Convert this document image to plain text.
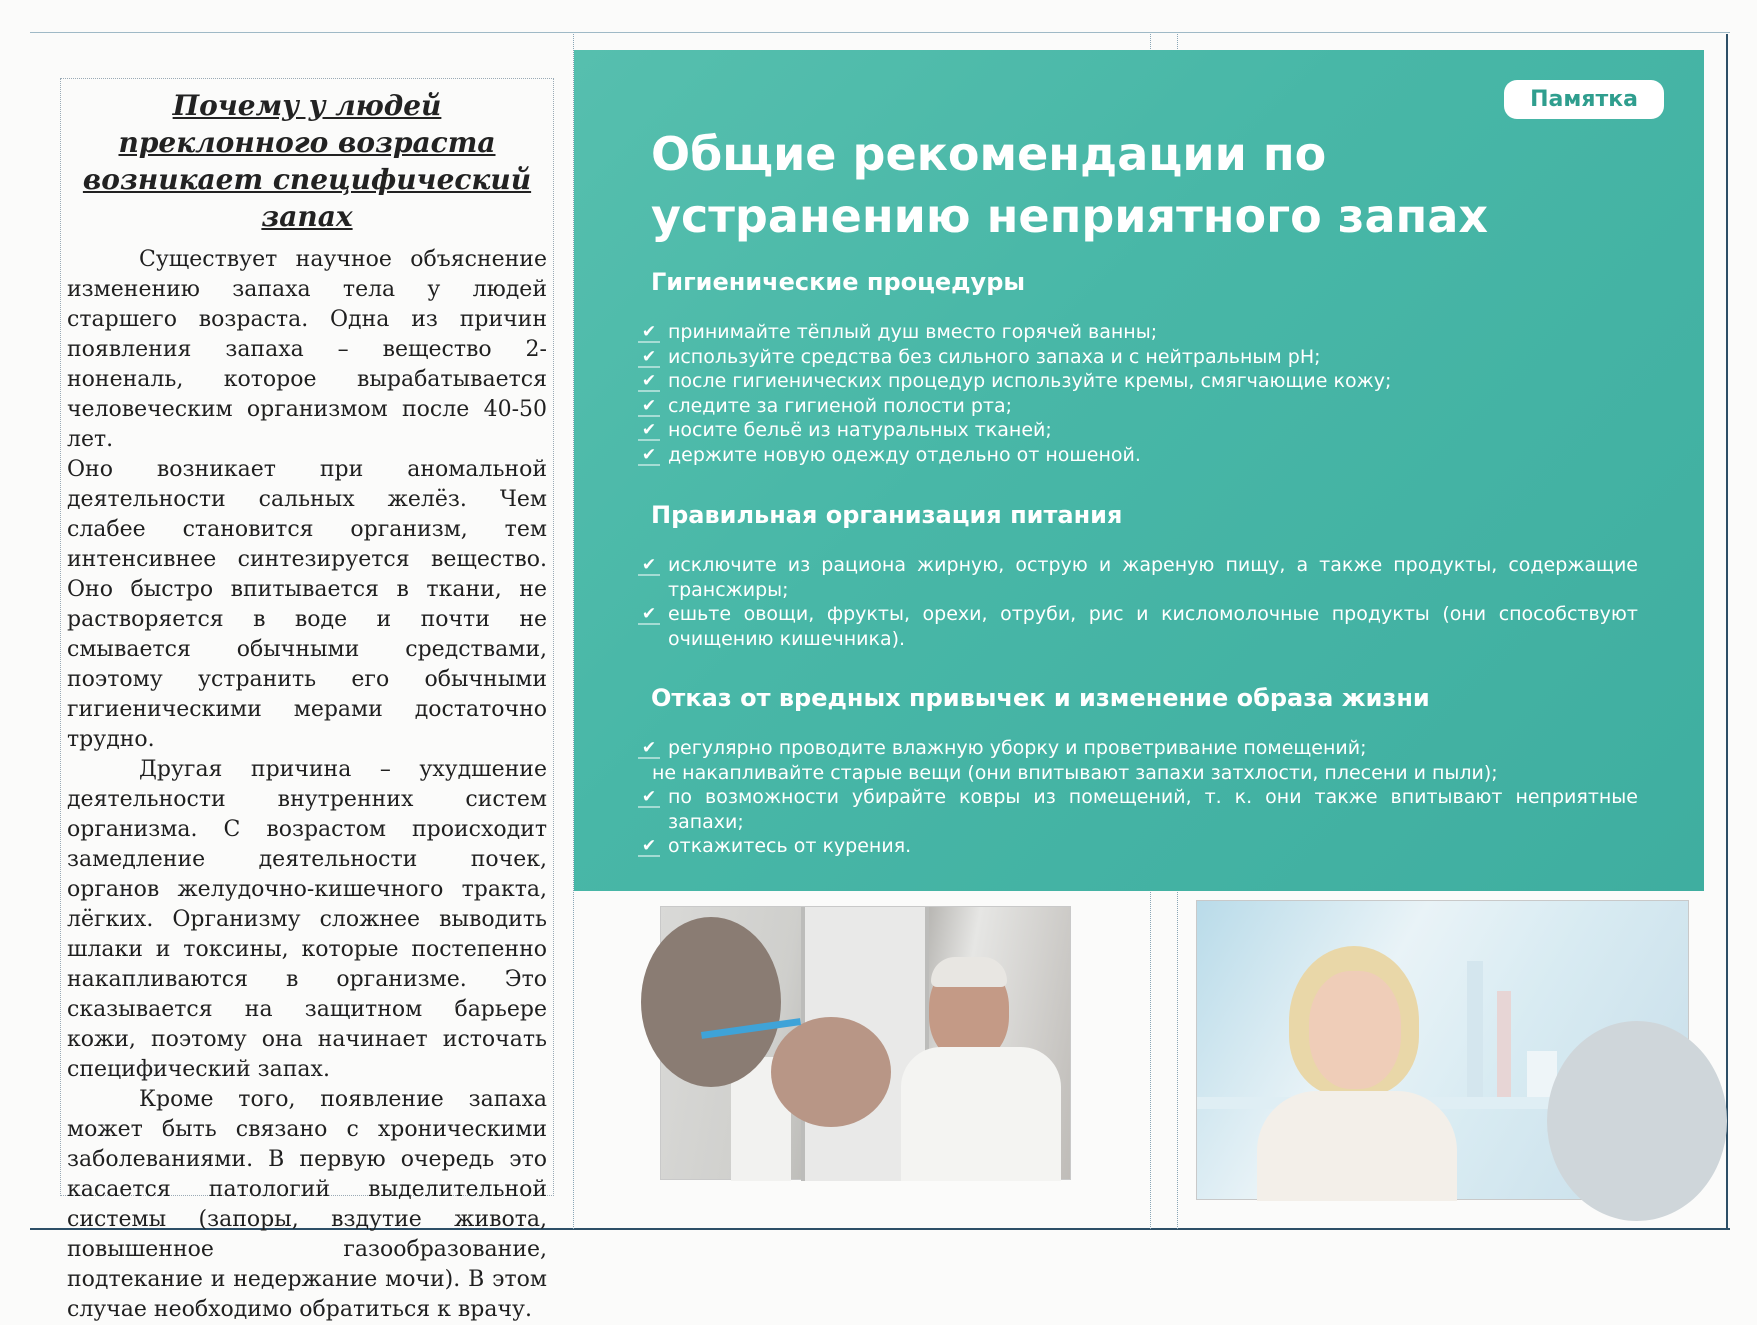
Почему у людей преклонного возраста возникает специфический запах

Существует научное объяснение изменению запаха тела у людей старшего возраста. Одна из причин появления запаха – вещество 2-ноненаль, которое вырабатывается человеческим организмом после 40-50 лет.

Оно возникает при аномальной деятельности сальных желёз. Чем слабее становится организм, тем интенсивнее синтезируется вещество. Оно быстро впитывается в ткани, не растворяется в воде и почти не смывается обычными средствами, поэтому устранить его обычными гигиеническими мерами достаточно трудно.

Другая причина – ухудшение деятельности внутренних систем организма. С возрастом происходит замедление деятельности почек, органов желудочно-кишечного тракта, лёгких. Организму сложнее выводить шлаки и токсины, которые постепенно накапливаются в организме. Это сказывается на защитном барьере кожи, поэтому она начинает источать специфический запах.

Кроме того, появление запаха может быть связано с хроническими заболеваниями. В первую очередь это касается патологий выделительной системы (запоры, вздутие живота, повышенное газообразование, подтекание и недержание мочи). В этом случае необходимо обратиться к врачу.

Памятка
Общие рекомендации по устранению неприятного запах
Гигиенические процедуры
✔ принимайте тёплый душ вместо горячей ванны;
✔ используйте средства без сильного запаха и с нейтральным pH;
✔ после гигиенических процедур используйте кремы, смягчающие кожу;
✔ следите за гигиеной полости рта;
✔ носите бельё из натуральных тканей;
✔ держите новую одежду отдельно от ношеной.
Правильная организация питания
✔ исключите из рациона жирную, острую и жареную пищу, а также продукты, содержащие трансжиры;
✔ ешьте овощи, фрукты, орехи, отруби, рис и кисломолочные продукты (они способствуют очищению кишечника).
Отказ от вредных привычек и изменение образа жизни
✔ регулярно проводите влажную уборку и проветривание помещений;
не накапливайте старые вещи (они впитывают запахи затхлости, плесени и пыли);
✔ по возможности убирайте ковры из помещений, т. к. они также впитывают неприятные запахи;
✔ откажитесь от курения.
